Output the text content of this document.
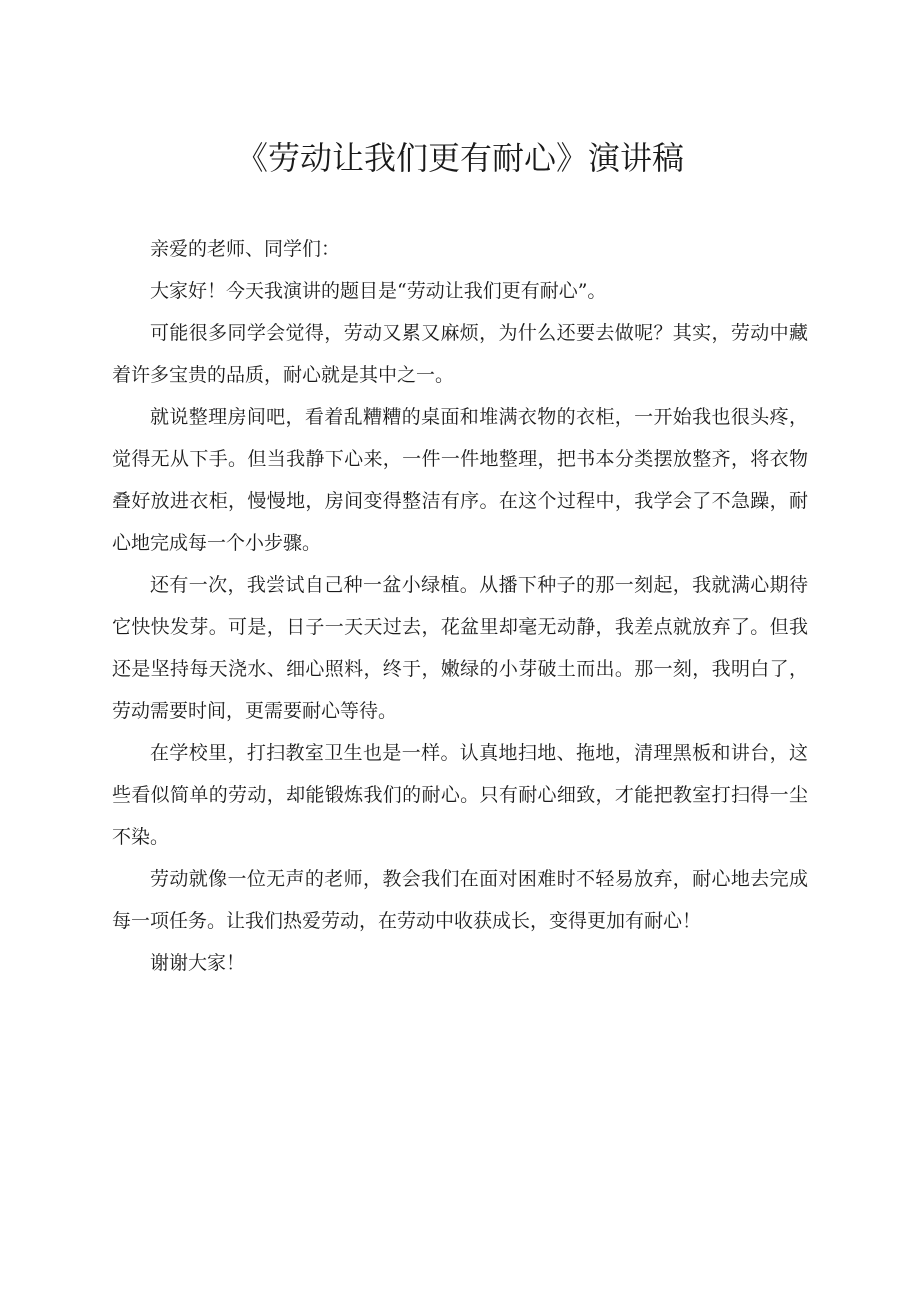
《劳动让我们更有耐心》演讲稿

亲爱的老师、同学们：

大家好！今天我演讲的题目是“劳动让我们更有耐心”。

可能很多同学会觉得，劳动又累又麻烦，为什么还要去做呢？其实，劳动中藏着许多宝贵的品质，耐心就是其中之一。

就说整理房间吧，看着乱糟糟的桌面和堆满衣物的衣柜，一开始我也很头疼，觉得无从下手。但当我静下心来，一件一件地整理，把书本分类摆放整齐，将衣物叠好放进衣柜，慢慢地，房间变得整洁有序。在这个过程中，我学会了不急躁，耐心地完成每一个小步骤。

还有一次，我尝试自己种一盆小绿植。从播下种子的那一刻起，我就满心期待它快快发芽。可是，日子一天天过去，花盆里却毫无动静，我差点就放弃了。但我还是坚持每天浇水、细心照料，终于，嫩绿的小芽破土而出。那一刻，我明白了，劳动需要时间，更需要耐心等待。

在学校里，打扫教室卫生也是一样。认真地扫地、拖地，清理黑板和讲台，这些看似简单的劳动，却能锻炼我们的耐心。只有耐心细致，才能把教室打扫得一尘不染。

劳动就像一位无声的老师，教会我们在面对困难时不轻易放弃，耐心地去完成每一项任务。让我们热爱劳动，在劳动中收获成长，变得更加有耐心！

谢谢大家！
